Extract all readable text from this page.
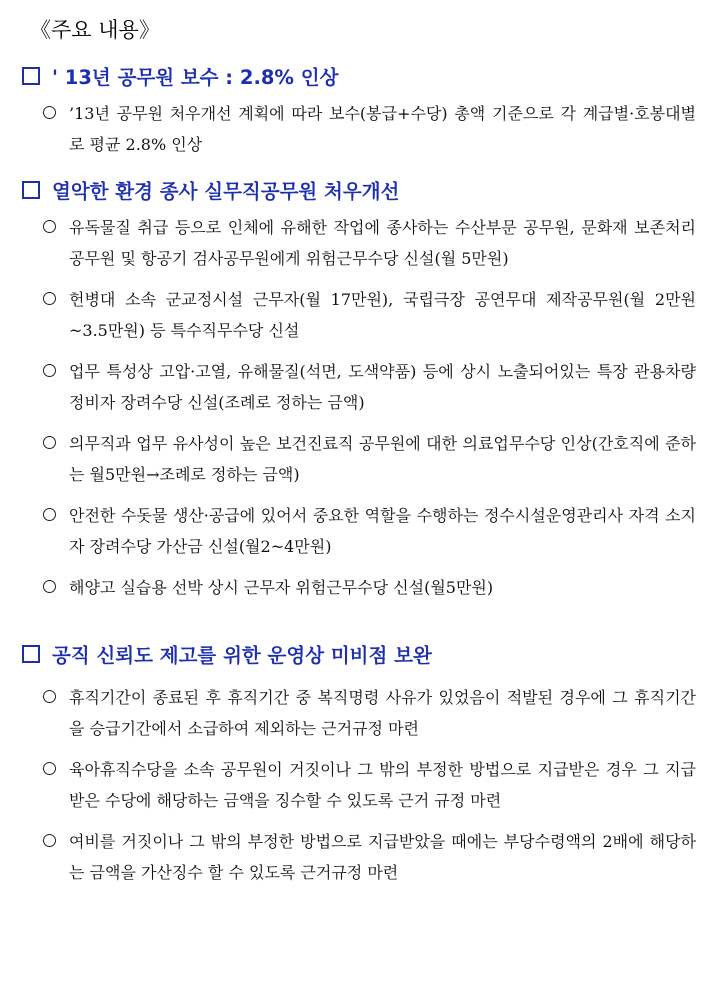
《주요 내용》
' 13년 공무원 보수 : 2.8% 인상
’13년 공무원 처우개선 계획에 따라 보수(봉급+수당) 총액 기준으로 각 계급별·호봉대별로 평균 2.8% 인상
열악한 환경 종사 실무직공무원 처우개선
유독물질 취급 등으로 인체에 유해한 작업에 종사하는 수산부문 공무원, 문화재 보존처리공무원 및 항공기 검사공무원에게 위험근무수당 신설(월 5만원)
헌병대 소속 군교정시설 근무자(월 17만원), 국립극장 공연무대 제작공무원(월 2만원~3.5만원) 등 특수직무수당 신설
업무 특성상 고압·고열, 유해물질(석면, 도색약품) 등에 상시 노출되어있는 특장 관용차량 정비자 장려수당 신설(조례로 정하는 금액)
의무직과 업무 유사성이 높은 보건진료직 공무원에 대한 의료업무수당 인상(간호직에 준하는 월5만원→조례로 정하는 금액)
안전한 수돗물 생산·공급에 있어서 중요한 역할을 수행하는 정수시설운영관리사 자격 소지자 장려수당 가산금 신설(월2~4만원)
해양고 실습용 선박 상시 근무자 위험근무수당 신설(월5만원)
공직 신뢰도 제고를 위한 운영상 미비점 보완
휴직기간이 종료된 후 휴직기간 중 복직명령 사유가 있었음이 적발된 경우에 그 휴직기간을 승급기간에서 소급하여 제외하는 근거규정 마련
육아휴직수당을 소속 공무원이 거짓이나 그 밖의 부정한 방법으로 지급받은 경우 그 지급받은 수당에 해당하는 금액을 징수할 수 있도록 근거 규정 마련
여비를 거짓이나 그 밖의 부정한 방법으로 지급받았을 때에는 부당수령액의 2배에 해당하는 금액을 가산징수 할 수 있도록 근거규정 마련
